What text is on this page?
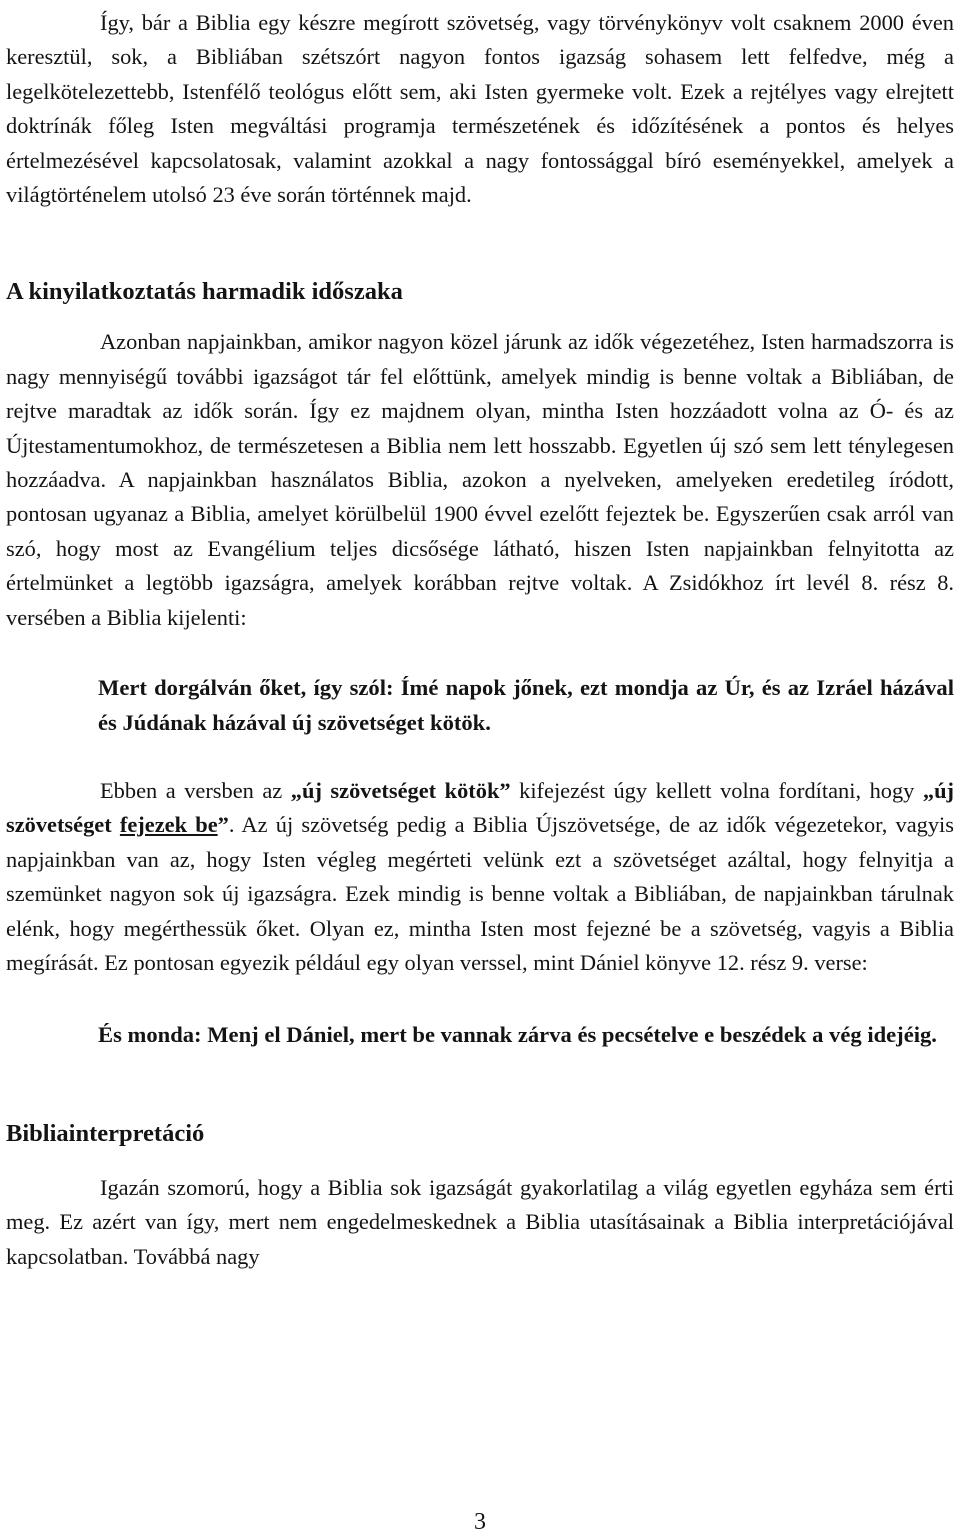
Így, bár a Biblia egy készre megírott szövetség, vagy törvénykönyv volt csaknem 2000 éven keresztül, sok, a Bibliában szétszórt nagyon fontos igazság sohasem lett felfedve, még a legelkötelezettebb, Istenfélő teológus előtt sem, aki Isten gyermeke volt. Ezek a rejtélyes vagy elrejtett doktrínák főleg Isten megváltási programja természetének és időzítésének a pontos és helyes értelmezésével kapcsolatosak, valamint azokkal a nagy fontossággal bíró eseményekkel, amelyek a világtörténelem utolsó 23 éve során történnek majd.

A kinyilatkoztatás harmadik időszaka

Azonban napjainkban, amikor nagyon közel járunk az idők végezetéhez, Isten harmadszorra is nagy mennyiségű további igazságot tár fel előttünk, amelyek mindig is benne voltak a Bibliában, de rejtve maradtak az idők során. Így ez majdnem olyan, mintha Isten hozzáadott volna az Ó- és az Újtestamentumokhoz, de természetesen a Biblia nem lett hosszabb. Egyetlen új szó sem lett ténylegesen hozzáadva. A napjainkban használatos Biblia, azokon a nyelveken, amelyeken eredetileg íródott, pontosan ugyanaz a Biblia, amelyet körülbelül 1900 évvel ezelőtt fejeztek be. Egyszerűen csak arról van szó, hogy most az Evangélium teljes dicsősége látható, hiszen Isten napjainkban felnyitotta az értelmünket a legtöbb igazságra, amelyek korábban rejtve voltak. A Zsidókhoz írt levél 8. rész 8. versében a Biblia kijelenti:

Mert dorgálván őket, így szól: Ímé napok jőnek, ezt mondja az Úr, és az Izráel házával és Júdának házával új szövetséget kötök.

Ebben a versben az „új szövetséget kötök” kifejezést úgy kellett volna fordítani, hogy „új szövetséget fejezek be”. Az új szövetség pedig a Biblia Újszövetsége, de az idők végezetekor, vagyis napjainkban van az, hogy Isten végleg megérteti velünk ezt a szövetséget azáltal, hogy felnyitja a szemünket nagyon sok új igazságra. Ezek mindig is benne voltak a Bibliában, de napjainkban tárulnak elénk, hogy megérthessük őket. Olyan ez, mintha Isten most fejezné be a szövetség, vagyis a Biblia megírását. Ez pontosan egyezik például egy olyan verssel, mint Dániel könyve 12. rész 9. verse:

És monda: Menj el Dániel, mert be vannak zárva és pecsételve e beszédek a vég idejéig.

Bibliainterpretáció

Igazán szomorú, hogy a Biblia sok igazságát gyakorlatilag a világ egyetlen egyháza sem érti meg. Ez azért van így, mert nem engedelmeskednek a Biblia utasításainak a Biblia interpretációjával kapcsolatban. Továbbá nagy

3
